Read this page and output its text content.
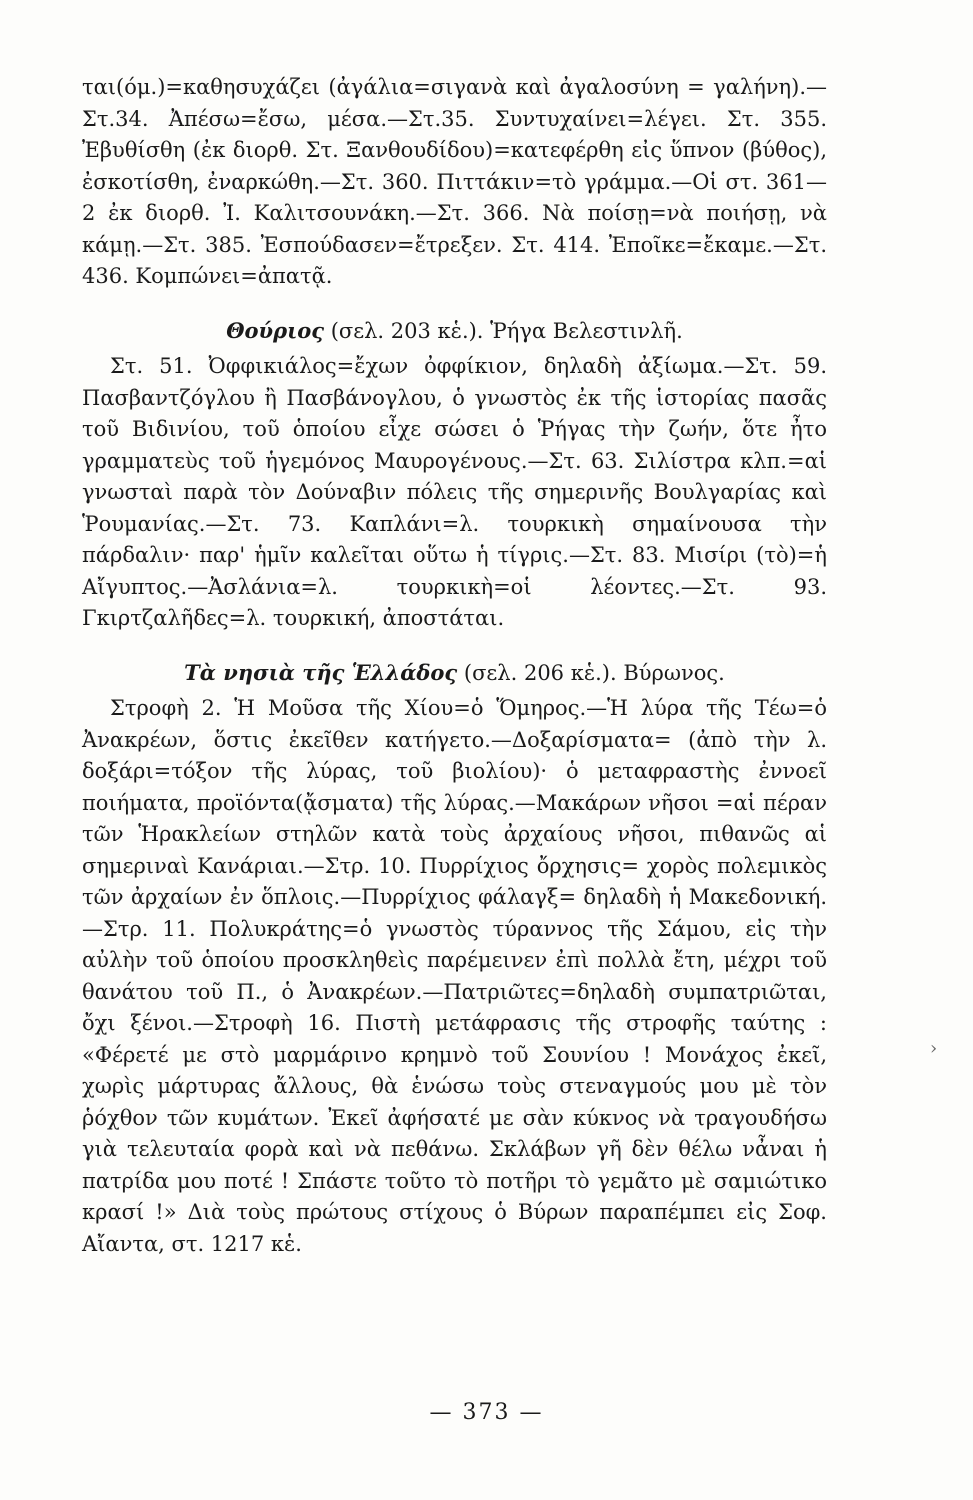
ται(όμ.)=καθησυχάζει (ἀγάλια=σιγανὰ καὶ ἀγαλοσύνη = γαλήνη).—Στ.34. Ἀπέσω=ἔσω, μέσα.—Στ.35. Συντυχαίνει=λέγει. Στ. 355. Ἐβυθίσθη (ἐκ διορθ. Στ. Ξανθουδίδου)=κατεφέρθη εἰς ὕπνον (βύθος), ἐσκοτίσθη, ἐναρκώθη.—Στ. 360. Πιττάκιν=τὸ γράμμα.—Οἱ στ. 361—2 ἐκ διορθ. Ἰ. Καλιτσουνάκη.—Στ. 366. Νὰ ποίσῃ=νὰ ποιήσῃ, νὰ κάμῃ.—Στ. 385. Ἐσπούδασεν=ἔτρεξεν. Στ. 414. Ἐποῖκε=ἔκαμε.—Στ. 436. Κομπώνει=ἀπατᾷ.

Θούριος (σελ. 203 κἑ.). Ῥήγα Βελεστινλῆ.

Στ. 51. Ὀφφικιάλος=ἔχων ὀφφίκιον, δηλαδὴ ἀξίωμα.—Στ. 59. Πασβαντζόγλου ἢ Πασβάνογλου, ὁ γνωστὸς ἐκ τῆς ἱστορίας πασᾶς τοῦ Βιδινίου, τοῦ ὁποίου εἶχε σώσει ὁ Ῥήγας τὴν ζωήν, ὅτε ἦτο γραμματεὺς τοῦ ἡγεμόνος Μαυρογένους.—Στ. 63. Σιλίστρα κλπ.=αἱ γνωσταὶ παρὰ τὸν Δούναβιν πόλεις τῆς σημερινῆς Βουλγαρίας καὶ Ῥουμανίας.—Στ. 73. Καπλάνι=λ. τουρκικὴ σημαίνουσα τὴν πάρδαλιν· παρ' ἡμῖν καλεῖται οὕτω ἡ τίγρις.—Στ. 83. Μισίρι (τὸ)=ἡ Αἴγυπτος.—Ἀσλάνια=λ. τουρκικὴ=οἱ λέοντες.—Στ. 93. Γκιρτζαλῆδες=λ. τουρκική, ἀποστάται.

Τὰ νησιὰ τῆς Ἑλλάδος (σελ. 206 κἑ.). Βύρωνος.

Στροφὴ 2. Ἡ Μοῦσα τῆς Χίου=ὁ Ὅμηρος.—Ἡ λύρα τῆς Τέω=ὁ Ἀνακρέων, ὅστις ἐκεῖθεν κατήγετο.—Δοξαρίσματα= (ἀπὸ τὴν λ. δοξάρι=τόξον τῆς λύρας, τοῦ βιολίου)· ὁ μεταφραστὴς ἐννοεῖ ποιήματα, προϊόντα(ᾄσματα) τῆς λύρας.—Μακάρων νῆσοι =αἱ πέραν τῶν Ἡρακλείων στηλῶν κατὰ τοὺς ἀρχαίους νῆσοι, πιθανῶς αἱ σημεριναὶ Κανάριαι.—Στρ. 10. Πυρρίχιος ὄρχησις= χορὸς πολεμικὸς τῶν ἀρχαίων ἐν ὅπλοις.—Πυρρίχιος φάλαγξ= δηλαδὴ ἡ Μακεδονική.—Στρ. 11. Πολυκράτης=ὁ γνωστὸς τύραννος τῆς Σάμου, εἰς τὴν αὐλὴν τοῦ ὁποίου προσκληθεὶς παρέμεινεν ἐπὶ πολλὰ ἔτη, μέχρι τοῦ θανάτου τοῦ Π., ὁ Ἀνακρέων.—Πατριῶτες=δηλαδὴ συμπατριῶται, ὄχι ξένοι.—Στροφὴ 16. Πιστὴ μετάφρασις τῆς στροφῆς ταύτης : «Φέρετέ με στὸ μαρμάρινο κρημνὸ τοῦ Σουνίου ! Μονάχος ἐκεῖ, χωρὶς μάρτυρας ἄλλους, θὰ ἑνώσω τοὺς στεναγμούς μου μὲ τὸν ῥόχθον τῶν κυμάτων. Ἐκεῖ ἀφήσατέ με σὰν κύκνος νὰ τραγουδήσω γιὰ τελευταία φορὰ καὶ νὰ πεθάνω. Σκλάβων γῆ δὲν θέλω νἆναι ἡ πατρίδα μου ποτέ ! Σπάστε τοῦτο τὸ ποτῆρι τὸ γεμᾶτο μὲ σαμιώτικο κρασί !» Διὰ τοὺς πρώτους στίχους ὁ Βύρων παραπέμπει εἰς Σοφ. Αἴαντα, στ. 1217 κἑ.

›
— 373 —
